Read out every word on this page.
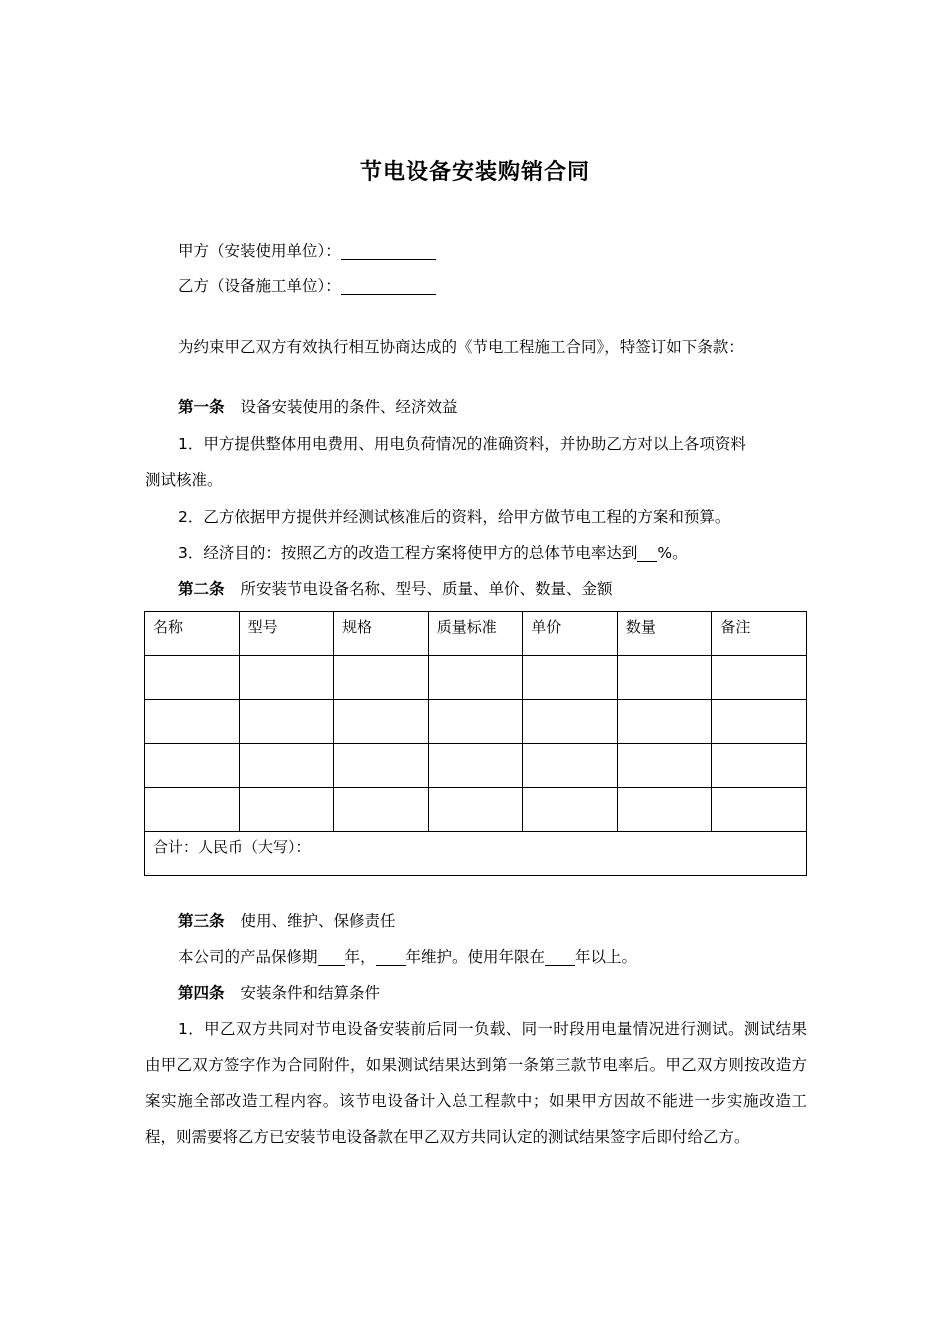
节电设备安装购销合同
甲方（安装使用单位）：
乙方（设备施工单位）：
为约束甲乙双方有效执行相互协商达成的《节电工程施工合同》，特签订如下条款：
第一条 设备安装使用的条件、经济效益
1．甲方提供整体用电费用、用电负荷情况的准确资料，并协助乙方对以上各项资料
测试核准。
2．乙方依据甲方提供并经测试核准后的资料，给甲方做节电工程的方案和预算。
3．经济目的：按照乙方的改造工程方案将使甲方的总体节电率达到 %。
第二条 所安装节电设备名称、型号、质量、单价、数量、金额
名称	型号	规格	质量标准	单价	数量	备注

合计：人民币（大写）：						
第三条 使用、维护、保修责任
本公司的产品保修期 年， 年维护。使用年限在 年以上。
第四条 安装条件和结算条件
1．甲乙双方共同对节电设备安装前后同一负载、同一时段用电量情况进行测试。测试结果由甲乙双方签字作为合同附件，如果测试结果达到第一条第三款节电率后。甲乙双方则按改造方案实施全部改造工程内容。该节电设备计入总工程款中；如果甲方因故不能进一步实施改造工程，则需要将乙方已安装节电设备款在甲乙双方共同认定的测试结果签字后即付给乙方。
